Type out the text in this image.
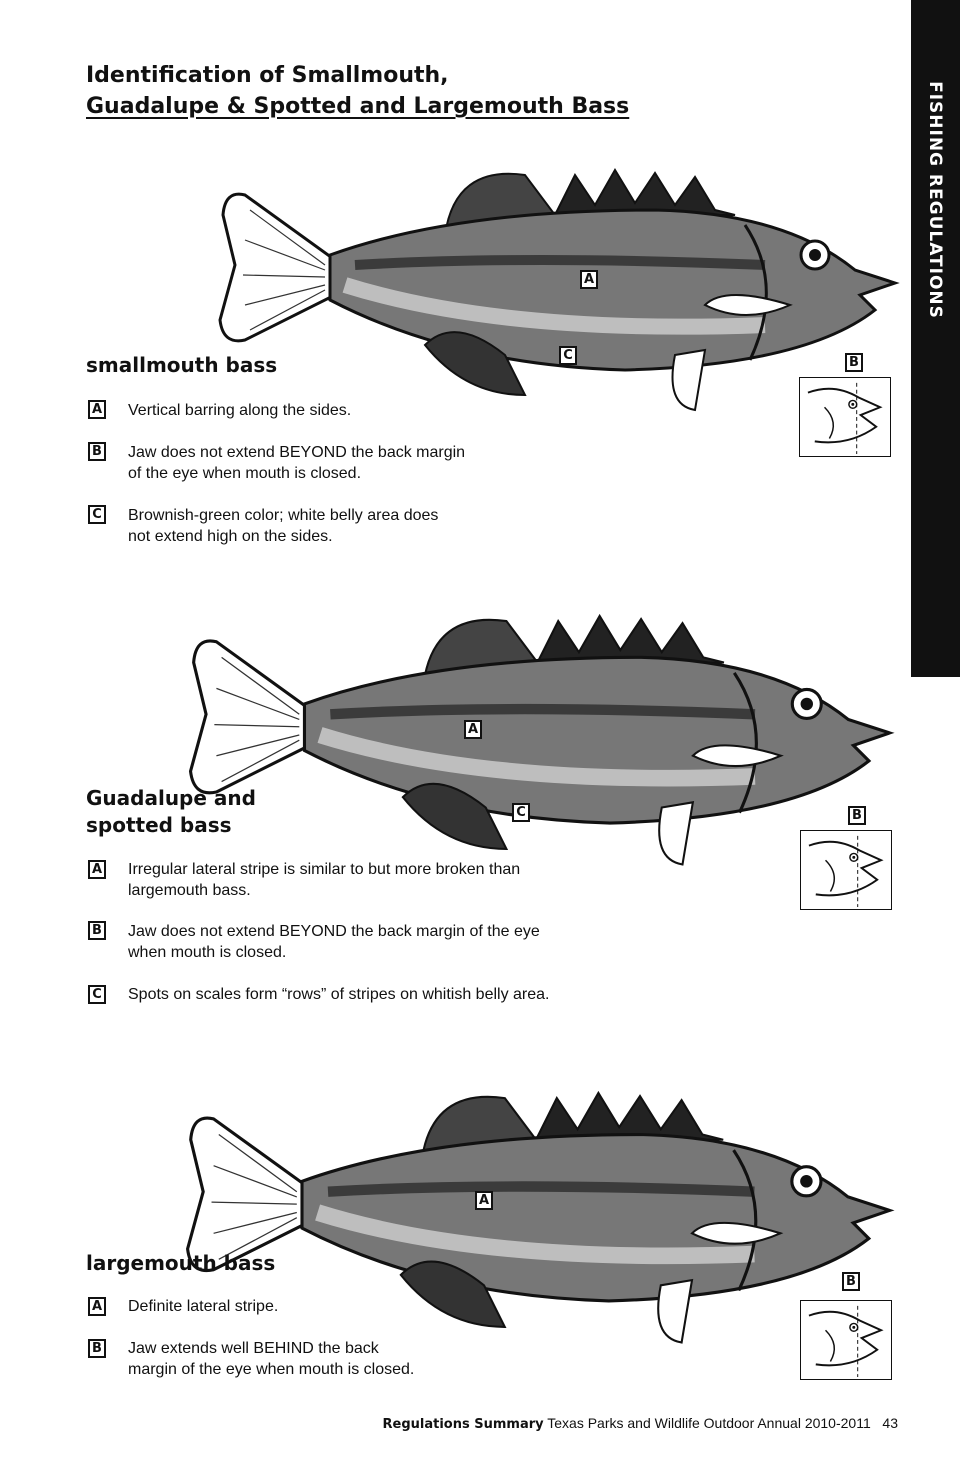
Identification of Smallmouth,
Guadalupe & Spotted and Largemouth Bass	FISHING REGULATIONS
A
C	B
smallmouth bass
A Vertical barring along the sides.
B Jaw does not extend BEYOND the back margin
of the eye when mouth is closed.
C Brownish-green color; white belly area does
not extend high on the sides.
A
C	B
Guadalupe and
spotted bass
A Irregular lateral stripe is similar to but more broken than
largemouth bass.
B Jaw does not extend BEYOND the back margin of the eye
when mouth is closed.
C Spots on scales form “rows” of stripes on whitish belly area.
A
B
largemouth bass
A Definite lateral stripe.
B Jaw extends well BEHIND the back
margin of the eye when mouth is closed.
Regulations Summary Texas Parks and Wildlife Outdoor Annual 2010-2011 43
